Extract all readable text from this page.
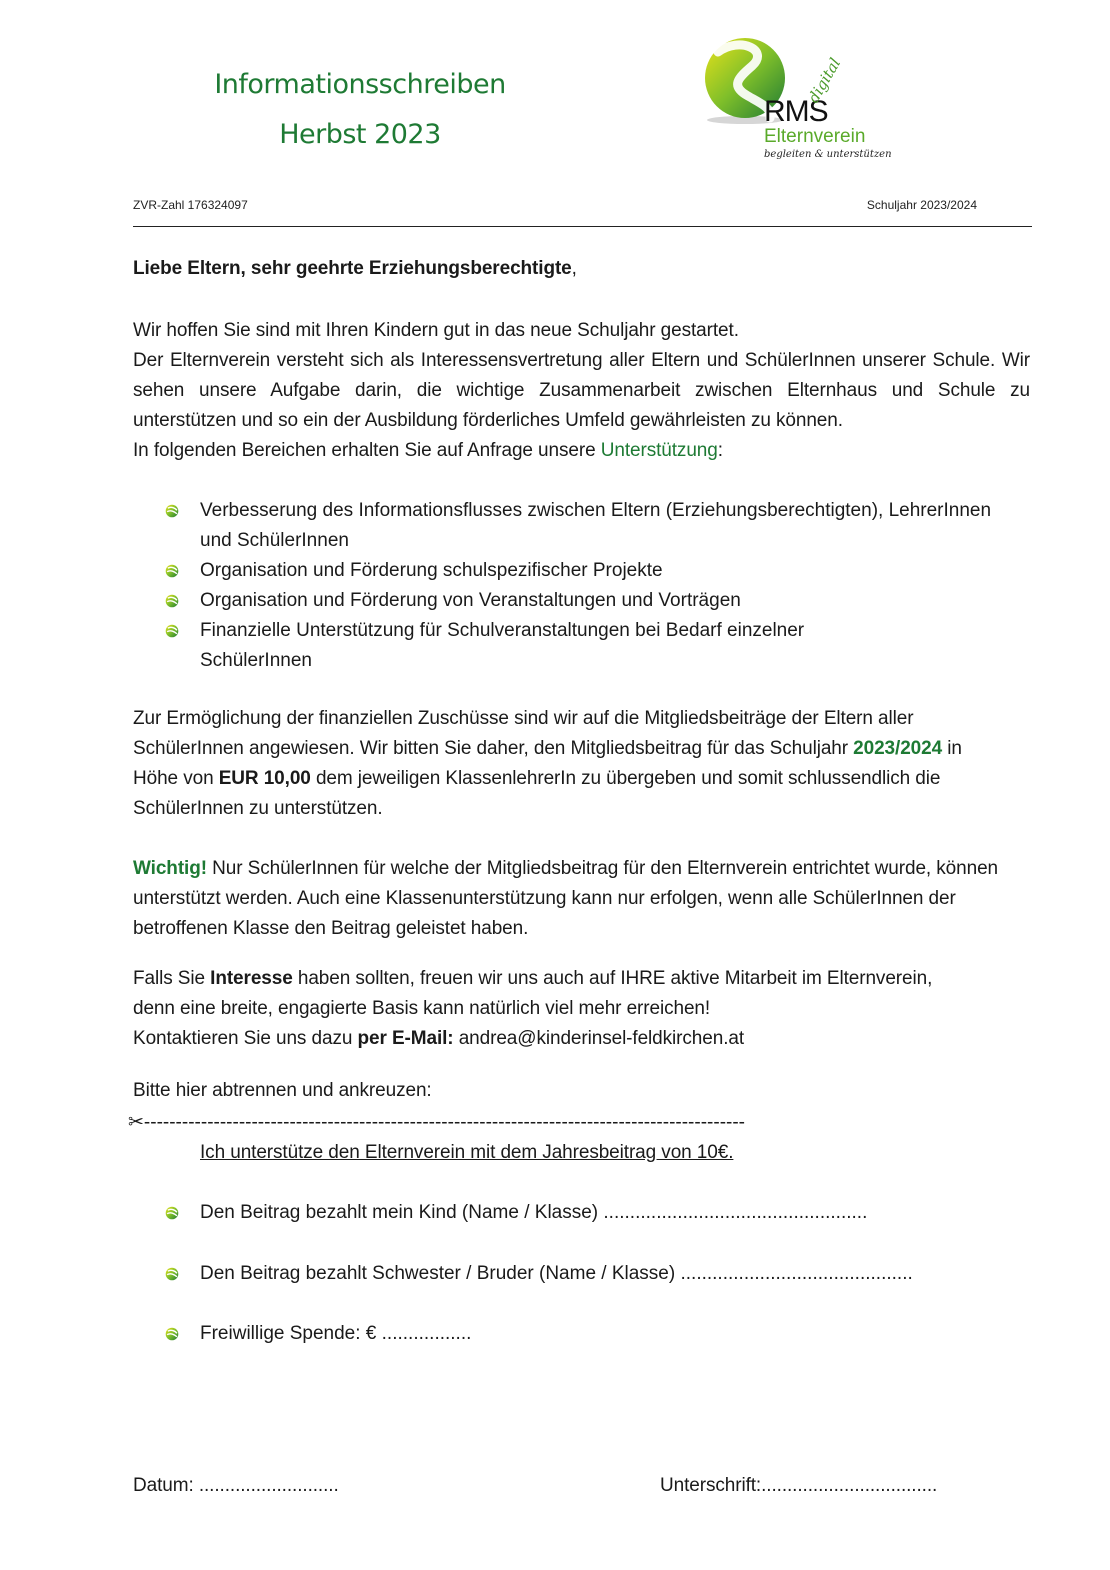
Informationsschreiben
Herbst 2023
RMS
digital
Elternverein
begleiten & unterstützen
ZVR-Zahl 176324097	Schuljahr 2023/2024
Liebe Eltern, sehr geehrte Erziehungsberechtigte,
Wir hoffen Sie sind mit Ihren Kindern gut in das neue Schuljahr gestartet.
Der Elternverein versteht sich als Interessensvertretung aller Eltern und SchülerInnen unserer Schule. Wir sehen unsere Aufgabe darin, die wichtige Zusammenarbeit zwischen Elternhaus und Schule zu unterstützen und so ein der Ausbildung förderliches Umfeld gewährleisten zu können.
In folgenden Bereichen erhalten Sie auf Anfrage unsere Unterstützung:
Verbesserung des Informationsflusses zwischen Eltern (Erziehungsberechtigten), LehrerInnen und SchülerInnen
Organisation und Förderung schulspezifischer Projekte
Organisation und Förderung von Veranstaltungen und Vorträgen
Finanzielle Unterstützung für Schulveranstaltungen bei Bedarf einzelner SchülerInnen
Zur Ermöglichung der finanziellen Zuschüsse sind wir auf die Mitgliedsbeiträge der Eltern aller SchülerInnen angewiesen. Wir bitten Sie daher, den Mitgliedsbeitrag für das Schuljahr 2023/2024 in Höhe von EUR 10,00 dem jeweiligen KlassenlehrerIn zu übergeben und somit schlussendlich die SchülerInnen zu unterstützen.
Wichtig! Nur SchülerInnen für welche der Mitgliedsbeitrag für den Elternverein entrichtet wurde, können unterstützt werden. Auch eine Klassenunterstützung kann nur erfolgen, wenn alle SchülerInnen der betroffenen Klasse den Beitrag geleistet haben.
Falls Sie Interesse haben sollten, freuen wir uns auch auf IHRE aktive Mitarbeit im Elternverein, denn eine breite, engagierte Basis kann natürlich viel mehr erreichen!
Kontaktieren Sie uns dazu per E-Mail: andrea@kinderinsel-feldkirchen.at
Bitte hier abtrennen und ankreuzen:
✂-----------------------------------------------------------------------------------------------
Ich unterstütze den Elternverein mit dem Jahresbeitrag von 10€.
Den Beitrag bezahlt mein Kind (Name / Klasse) ..................................................
Den Beitrag bezahlt Schwester / Bruder (Name / Klasse) ............................................
Freiwillige Spende: € .................
Datum: ...........................	Unterschrift:..................................
